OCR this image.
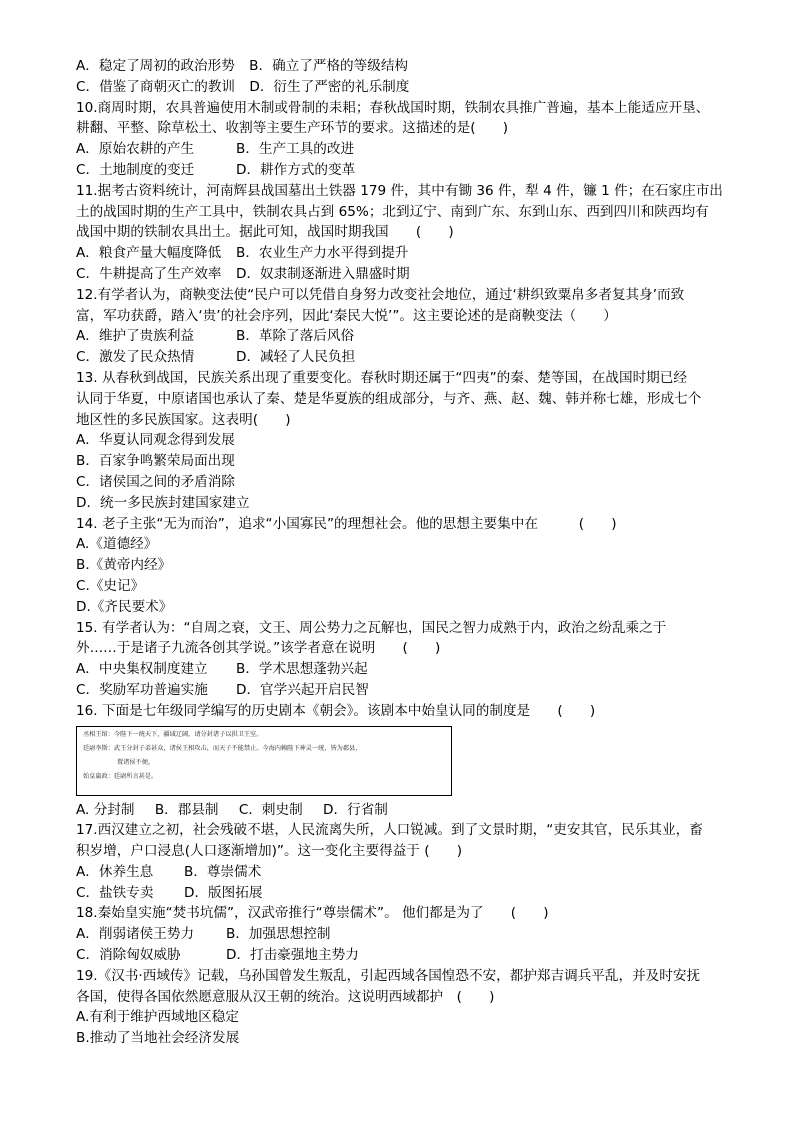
A．稳定了周初的政治形势 B．确立了严格的等级结构
C．借鉴了商朝灭亡的教训 D．衍生了严密的礼乐制度
10.商周时期，农具普遍使用木制或骨制的耒耜；春秋战国时期，铁制农具推广普遍，基本上能适应开垦、
耕翻、平整、除草松土、收割等主要生产环节的要求。这描述的是(　　)
A．原始农耕的产生	B．生产工具的改进
C．土地制度的变迁	D．耕作方式的变革
11.据考古资料统计，河南辉县战国墓出土铁器 179 件，其中有锄 36 件，犁 4 件，镰 1 件；在石家庄市出
土的战国时期的生产工具中，铁制农具占到 65%；北到辽宁、南到广东、东到山东、西到四川和陕西均有
战国中期的铁制农具出土。据此可知，战国时期我国　　(　　)
A．粮食产量大幅度降低	B．农业生产力水平得到提升
C．牛耕提高了生产效率	D．奴隶制逐渐进入鼎盛时期
12.有学者认为，商鞅变法使“民户可以凭借自身努力改变社会地位，通过‘耕织致粟帛多者复其身’而致
富，军功获爵，踏入‘贵’的社会序列，因此‘秦民大悦’”。这主要论述的是商鞅变法（　　）
A．维护了贵族利益	B．革除了落后风俗
C．激发了民众热情	D．减轻了人民负担
13. 从春秋到战国，民族关系出现了重要变化。春秋时期还属于“四夷”的秦、楚等国，在战国时期已经
认同于华夏，中原诸国也承认了秦、楚是华夏族的组成部分，与齐、燕、赵、魏、韩并称七雄，形成七个
地区性的多民族国家。这表明(　　)
A．华夏认同观念得到发展
B．百家争鸣繁荣局面出现
C．诸侯国之间的矛盾消除
D．统一多民族封建国家建立
14. 老子主张“无为而治”，追求“小国寡民”的理想社会。他的思想主要集中在　　　(　　)
A.《道德经》
B.《黄帝内经》
C.《史记》
D.《齐民要术》
15. 有学者认为：“自周之衰，文王、周公势力之瓦解也，国民之智力成熟于内，政治之纷乱乘之于
外……于是诸子九流各创其学说。”该学者意在说明　　(　　)
A．中央集权制度建立	B．学术思想蓬勃兴起
C．奖励军功普遍实施	D．官学兴起开启民智
16. 下面是七年级同学编写的历史剧本《朝会》。该剧本中始皇认同的制度是　　(　　)
丞相王绾：今陛下一统天下，疆域辽阔，请分封诸子以拱卫王室。
廷尉李斯：武王分封子弟甚众，诸侯王相攻击，而天子不能禁止。今海内赖陛下神灵一统，皆为郡县，
置诸侯不便。
始皇嬴政：廷尉所言甚是。
A. 分封制 B．郡县制 C．刺史制 D．行省制
17.西汉建立之初，社会残破不堪，人民流离失所，人口锐减。到了文景时期，“吏安其官，民乐其业，畜
积岁增，户口浸息(人口逐渐增加)”。这一变化主要得益于 (　　)
A．休养生息	B．尊崇儒术
C．盐铁专卖	D．版图拓展
18.秦始皇实施“焚书坑儒”，汉武帝推行“尊崇儒术”。 他们都是为了　　(　　)
A．削弱诸侯王势力	B．加强思想控制
C．消除匈奴威胁	D．打击豪强地主势力
19.《汉书·西域传》记载，乌孙国曾发生叛乱，引起西域各国惶恐不安，都护郑吉调兵平乱，并及时安抚
各国，使得各国依然愿意服从汉王朝的统治。这说明西域都护　(　　)
A.有利于维护西域地区稳定
B.推动了当地社会经济发展
